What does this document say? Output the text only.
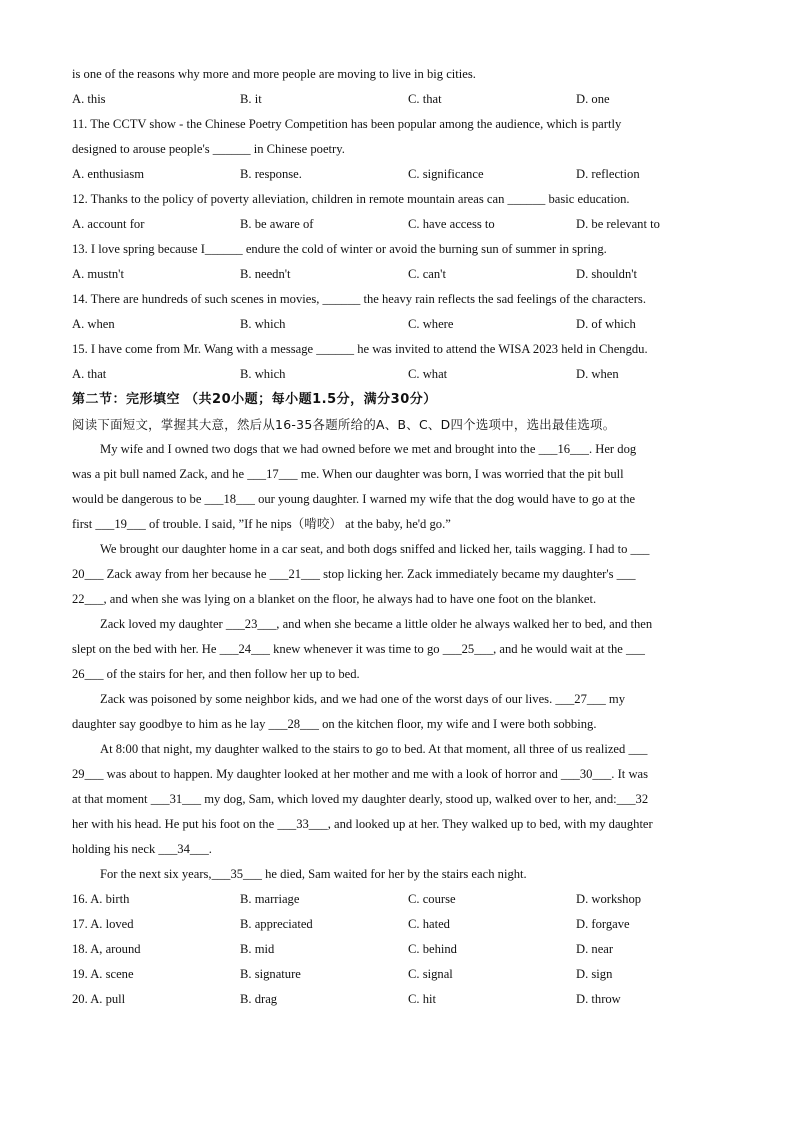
is one of the reasons why more and more people are moving to live in big cities.
A. this	B. it	C. that	D. one
11. The CCTV show - the Chinese Poetry Competition has been popular among the audience, which is partly
designed to arouse people's ______ in Chinese poetry.
A. enthusiasm	B. response.	C. significance	D. reflection
12. Thanks to the policy of poverty alleviation, children in remote mountain areas can ______ basic education.
A. account for	B. be aware of	C. have access to	D. be relevant to
13. I love spring because I______ endure the cold of winter or avoid the burning sun of summer in spring.
A. mustn't	B. needn't	C. can't	D. shouldn't
14. There are hundreds of such scenes in movies, ______ the heavy rain reflects the sad feelings of the characters.
A. when	B. which	C. where	D. of which
15. I have come from Mr. Wang with a message ______ he was invited to attend the WISA 2023 held in Chengdu.
A. that	B. which	C. what	D. when
第二节：完形填空 （共20小题；每小题1.5分，满分30分）
阅读下面短文，掌握其大意，然后从16-35各题所给的A、B、C、D四个选项中，选出最佳选项。
My wife and I owned two dogs that we had owned before we met and brought into the ___16___. Her dog
was a pit bull named Zack, and he ___17___ me. When our daughter was born, I was worried that the pit bull
would be dangerous to be ___18___ our young daughter. I warned my wife that the dog would have to go at the
first ___19___ of trouble. I said, ”If he nips（啃咬） at the baby, he'd go.”
We brought our daughter home in a car seat, and both dogs sniffed and licked her, tails wagging. I had to ___
20___ Zack away from her because he ___21___ stop licking her. Zack immediately became my daughter's ___
22___, and when she was lying on a blanket on the floor, he always had to have one foot on the blanket.
Zack loved my daughter ___23___, and when she became a little older he always walked her to bed, and then
slept on the bed with her. He ___24___ knew whenever it was time to go ___25___, and he would wait at the ___
26___ of the stairs for her, and then follow her up to bed.
Zack was poisoned by some neighbor kids, and we had one of the worst days of our lives. ___27___ my
daughter say goodbye to him as he lay ___28___ on the kitchen floor, my wife and I were both sobbing.
At 8:00 that night, my daughter walked to the stairs to go to bed. At that moment, all three of us realized ___
29___ was about to happen. My daughter looked at her mother and me with a look of horror and ___30___. It was
at that moment ___31___ my dog, Sam, which loved my daughter dearly, stood up, walked over to her, and:___32
her with his head. He put his foot on the ___33___, and looked up at her. They walked up to bed, with my daughter
holding his neck ___34___.
For the next six years,___35___ he died, Sam waited for her by the stairs each night.
16. A. birth	B. marriage	C. course	D. workshop
17. A. loved	B. appreciated	C. hated	D. forgave
18. A, around	B. mid	C. behind	D. near
19. A. scene	B. signature	C. signal	D. sign
20. A. pull	B. drag	C. hit	D. throw
